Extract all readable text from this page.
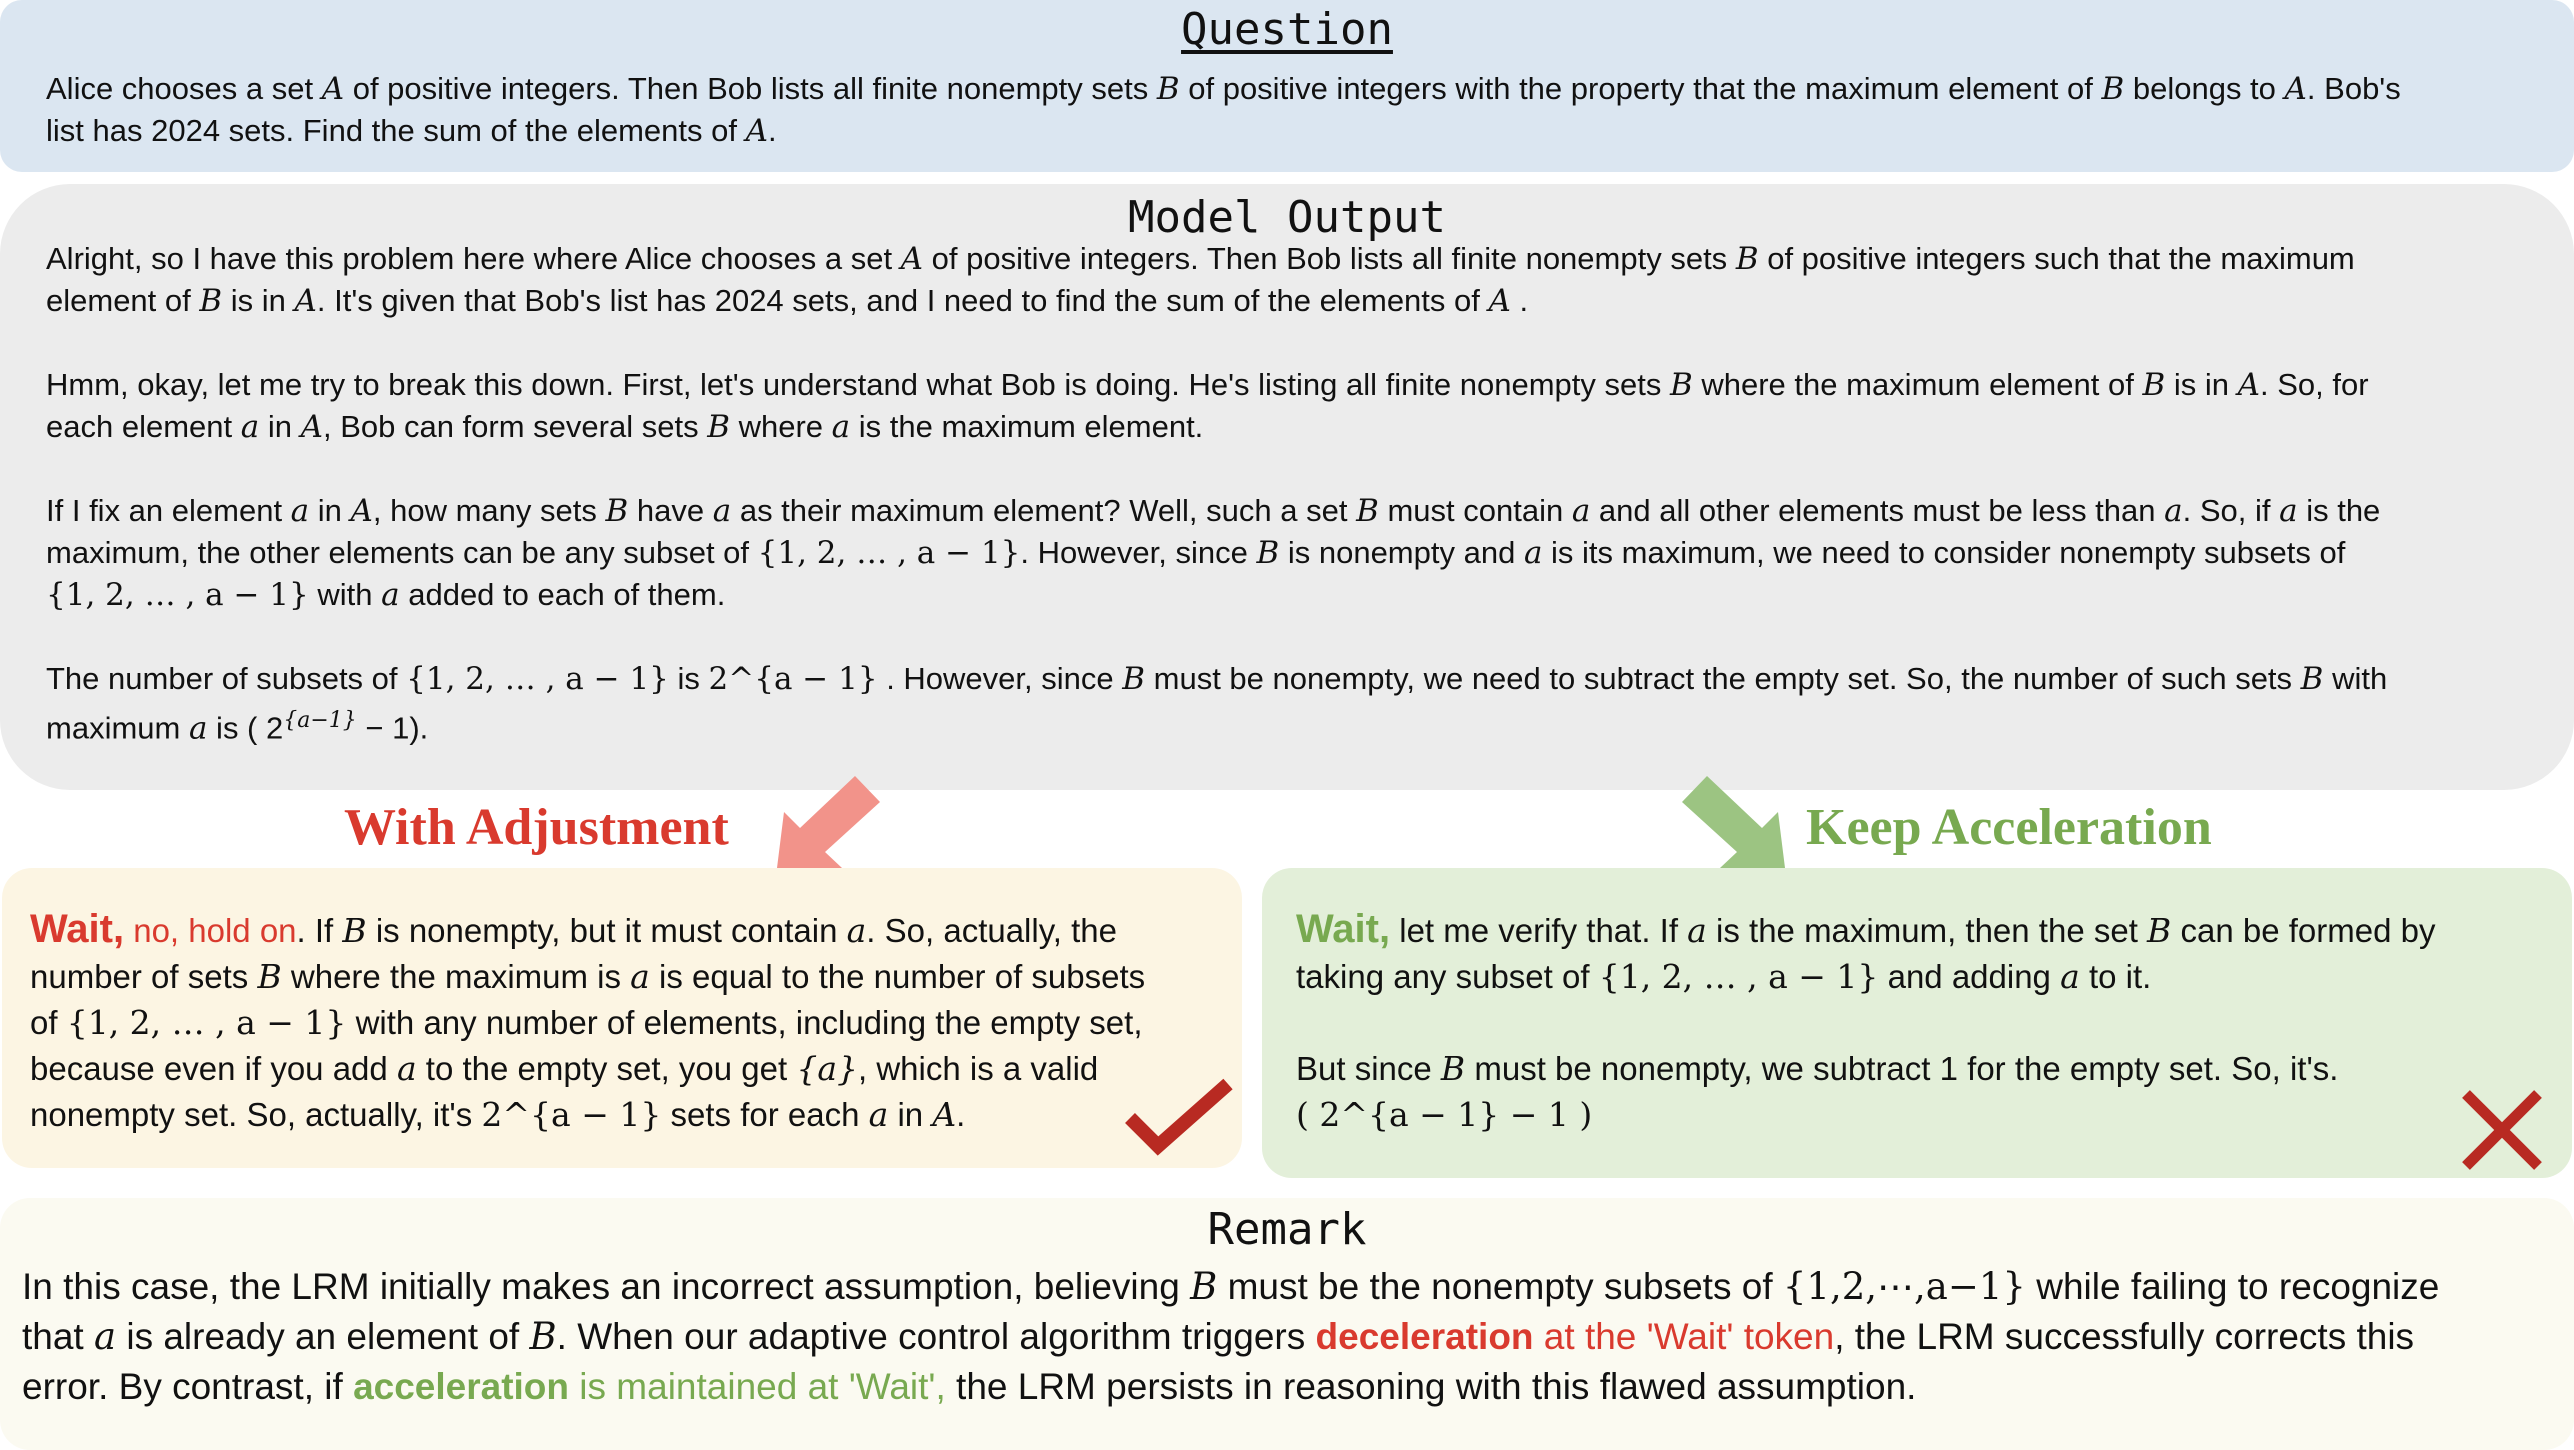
Question
Alice chooses a set A of positive integers. Then Bob lists all finite nonempty sets B of positive integers with the property that the maximum element of B belongs to A. Bob's
list has 2024 sets. Find the sum of the elements of A.
Model Output
Alright, so I have this problem here where Alice chooses a set A of positive integers. Then Bob lists all finite nonempty sets B of positive integers such that the maximum
element of B is in A. It's given that Bob's list has 2024 sets, and I need to find the sum of the elements of A .
Hmm, okay, let me try to break this down. First, let's understand what Bob is doing. He's listing all finite nonempty sets B where the maximum element of B is in A. So, for
each element a in A, Bob can form several sets B where a is the maximum element.
If I fix an element a in A, how many sets B have a as their maximum element? Well, such a set B must contain a and all other elements must be less than a. So, if a is the
maximum, the other elements can be any subset of {1, 2, … , a − 1}. However, since B is nonempty and a is its maximum, we need to consider nonempty subsets of
{1, 2, … , a − 1} with a added to each of them.
The number of subsets of {1, 2, … , a − 1} is 2^{a − 1} . However, since B must be nonempty, we need to subtract the empty set. So, the number of such sets B with
maximum a is ( $2^{\{a-1\}} - 1$).
With Adjustment	Keep Acceleration
Wait, no, hold on. If B is nonempty, but it must contain a. So, actually, the
number of sets B where the maximum is a is equal to the number of subsets
of {1, 2, … , a − 1} with any number of elements, including the empty set,
because even if you add a to the empty set, you get {a}, which is a valid
nonempty set. So, actually, it's 2^{a − 1} sets for each a in A.
Wait, let me verify that. If a is the maximum, then the set B can be formed by
taking any subset of {1, 2, … , a − 1} and adding a to it.
But since B must be nonempty, we subtract 1 for the empty set. So, it's.
( 2^{a − 1} − 1 )
Remark
In this case, the LRM initially makes an incorrect assumption, believing B must be the nonempty subsets of {1,2,⋯,a−1} while failing to recognize
that a is already an element of B. When our adaptive control algorithm triggers deceleration at the 'Wait' token, the LRM successfully corrects this
error. By contrast, if acceleration is maintained at 'Wait', the LRM persists in reasoning with this flawed assumption.
